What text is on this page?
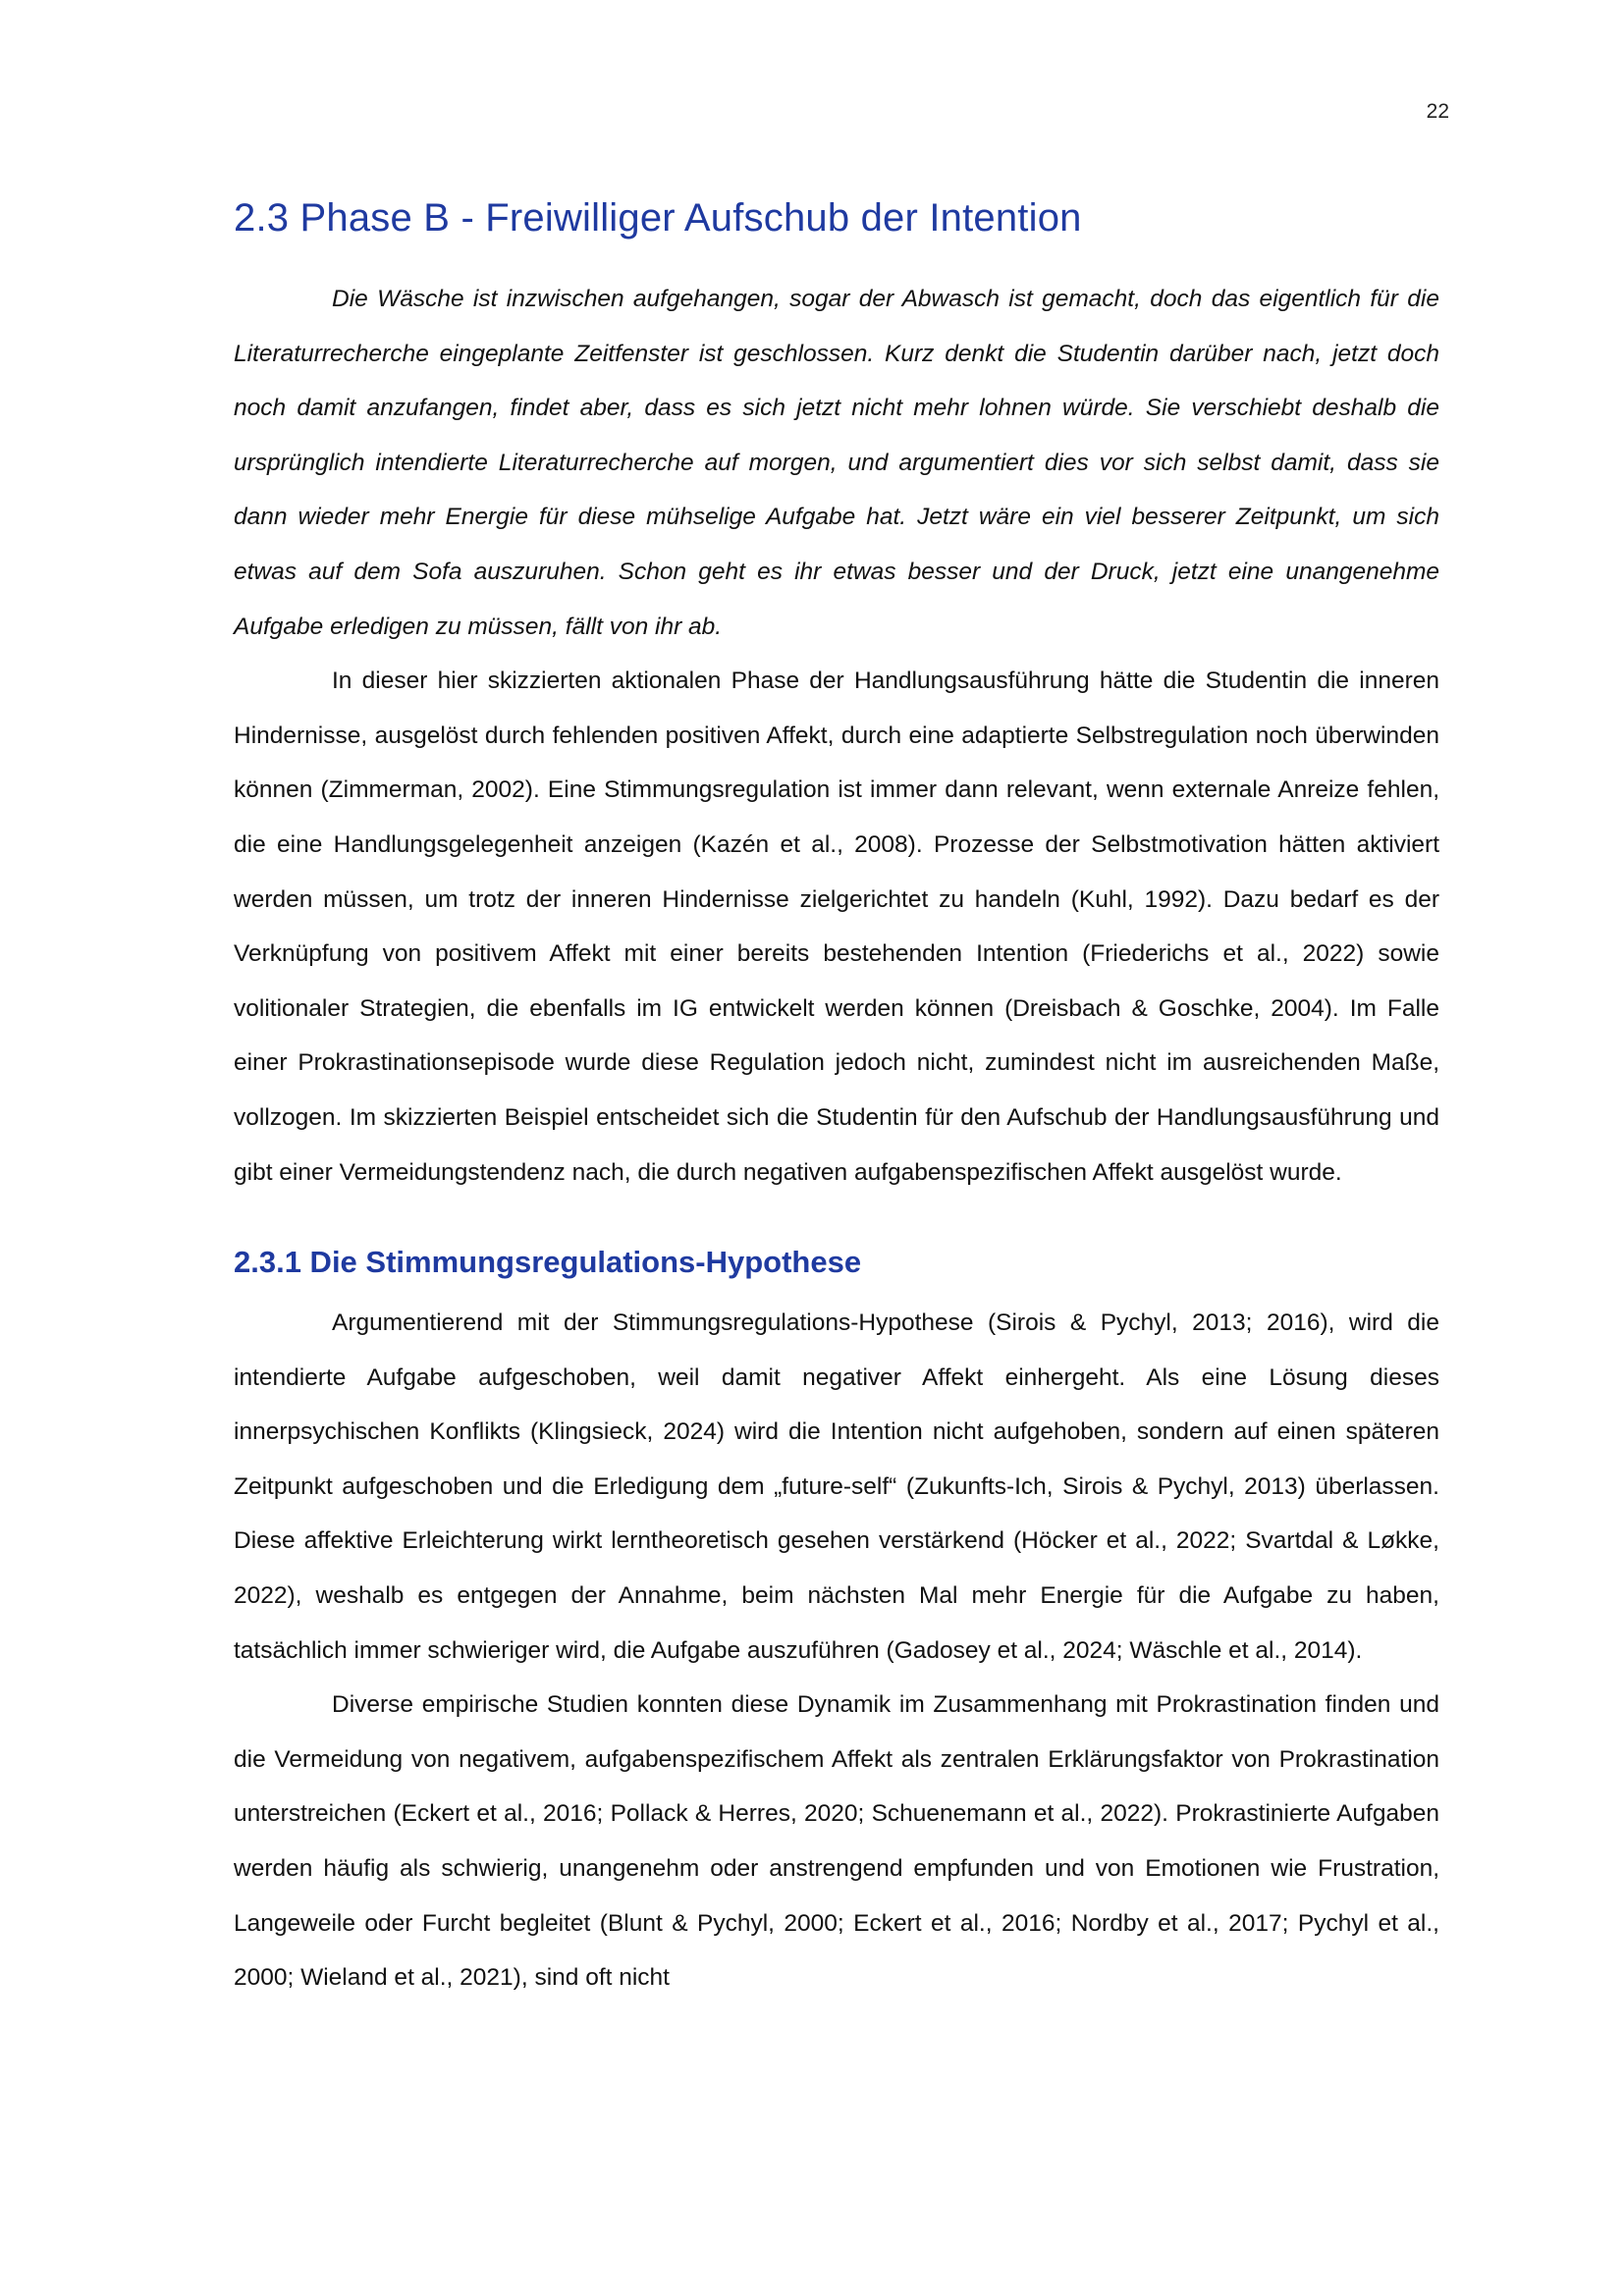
22
2.3 Phase B - Freiwilliger Aufschub der Intention

Die Wäsche ist inzwischen aufgehangen, sogar der Abwasch ist gemacht, doch das eigentlich für die Literaturrecherche eingeplante Zeitfenster ist geschlossen. Kurz denkt die Studentin darüber nach, jetzt doch noch damit anzufangen, findet aber, dass es sich jetzt nicht mehr lohnen würde. Sie verschiebt deshalb die ursprünglich intendierte Literaturrecherche auf morgen, und argumentiert dies vor sich selbst damit, dass sie dann wieder mehr Energie für diese mühselige Aufgabe hat. Jetzt wäre ein viel besserer Zeitpunkt, um sich etwas auf dem Sofa auszuruhen. Schon geht es ihr etwas besser und der Druck, jetzt eine unangenehme Aufgabe erledigen zu müssen, fällt von ihr ab.

In dieser hier skizzierten aktionalen Phase der Handlungsausführung hätte die Studentin die inneren Hindernisse, ausgelöst durch fehlenden positiven Affekt, durch eine adaptierte Selbstregulation noch überwinden können (Zimmerman, 2002). Eine Stimmungsregulation ist immer dann relevant, wenn externale Anreize fehlen, die eine Handlungsgelegenheit anzeigen (Kazén et al., 2008). Prozesse der Selbstmotivation hätten aktiviert werden müssen, um trotz der inneren Hindernisse zielgerichtet zu handeln (Kuhl, 1992). Dazu bedarf es der Verknüpfung von positivem Affekt mit einer bereits bestehenden Intention (Friederichs et al., 2022) sowie volitionaler Strategien, die ebenfalls im IG entwickelt werden können (Dreisbach & Goschke, 2004). Im Falle einer Prokrastinationsepisode wurde diese Regulation jedoch nicht, zumindest nicht im ausreichenden Maße, vollzogen. Im skizzierten Beispiel entscheidet sich die Studentin für den Aufschub der Handlungsausführung und gibt einer Vermeidungstendenz nach, die durch negativen aufgabenspezifischen Affekt ausgelöst wurde.

2.3.1 Die Stimmungsregulations-Hypothese

Argumentierend mit der Stimmungsregulations-Hypothese (Sirois & Pychyl, 2013; 2016), wird die intendierte Aufgabe aufgeschoben, weil damit negativer Affekt einhergeht. Als eine Lösung dieses innerpsychischen Konflikts (Klingsieck, 2024) wird die Intention nicht aufgehoben, sondern auf einen späteren Zeitpunkt aufgeschoben und die Erledigung dem „future-self“ (Zukunfts-Ich, Sirois & Pychyl, 2013) überlassen. Diese affektive Erleichterung wirkt lerntheoretisch gesehen verstärkend (Höcker et al., 2022; Svartdal & Løkke, 2022), weshalb es entgegen der Annahme, beim nächsten Mal mehr Energie für die Aufgabe zu haben, tatsächlich immer schwieriger wird, die Aufgabe auszuführen (Gadosey et al., 2024; Wäschle et al., 2014).

Diverse empirische Studien konnten diese Dynamik im Zusammenhang mit Prokrastination finden und die Vermeidung von negativem, aufgabenspezifischem Affekt als zentralen Erklärungsfaktor von Prokrastination unterstreichen (Eckert et al., 2016; Pollack & Herres, 2020; Schuenemann et al., 2022). Prokrastinierte Aufgaben werden häufig als schwierig, unangenehm oder anstrengend empfunden und von Emotionen wie Frustration, Langeweile oder Furcht begleitet (Blunt & Pychyl, 2000; Eckert et al., 2016; Nordby et al., 2017; Pychyl et al., 2000; Wieland et al., 2021), sind oft nicht
